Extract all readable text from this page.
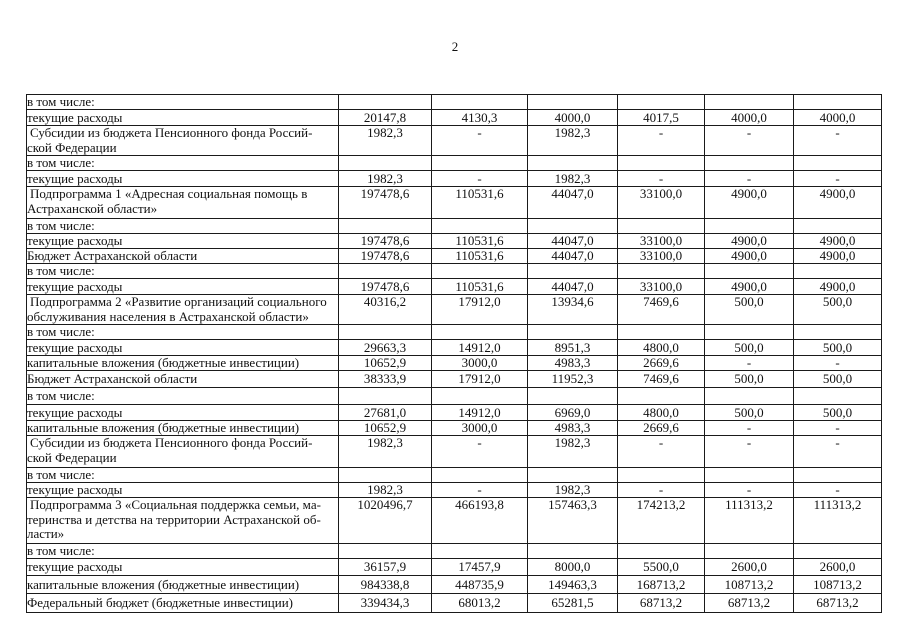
2
в том числе:						

текущие расходы	20147,8	4130,3	4000,0	4017,5	4000,0	4000,0

Субсидии из бюджета Пенсионного фонда Россий-
ской Федерации	1982,3	-	1982,3	-	-	-

в том числе:						

текущие расходы	1982,3	-	1982,3	-	-	-

Подпрограмма 1 «Адресная социальная помощь в
Астраханской области»	197478,6	110531,6	44047,0	33100,0	4900,0	4900,0

в том числе:						

текущие расходы	197478,6	110531,6	44047,0	33100,0	4900,0	4900,0

Бюджет Астраханской области	197478,6	110531,6	44047,0	33100,0	4900,0	4900,0

в том числе:						

текущие расходы	197478,6	110531,6	44047,0	33100,0	4900,0	4900,0

Подпрограмма 2 «Развитие организаций социального
обслуживания населения в Астраханской области»	40316,2	17912,0	13934,6	7469,6	500,0	500,0

в том числе:						

текущие расходы	29663,3	14912,0	8951,3	4800,0	500,0	500,0

капитальные вложения (бюджетные инвестиции)	10652,9	3000,0	4983,3	2669,6	-	-

Бюджет Астраханской области	38333,9	17912,0	11952,3	7469,6	500,0	500,0

в том числе:						

текущие расходы	27681,0	14912,0	6969,0	4800,0	500,0	500,0

капитальные вложения (бюджетные инвестиции)	10652,9	3000,0	4983,3	2669,6	-	-

Субсидии из бюджета Пенсионного фонда Россий-
ской Федерации	1982,3	-	1982,3	-	-	-

в том числе:						

текущие расходы	1982,3	-	1982,3	-	-	-

Подпрограмма 3 «Социальная поддержка семьи, ма-
теринства и детства на территории Астраханской об-
ласти»	1020496,7	466193,8	157463,3	174213,2	111313,2	111313,2

в том числе:						

текущие расходы	36157,9	17457,9	8000,0	5500,0	2600,0	2600,0

капитальные вложения (бюджетные инвестиции)	984338,8	448735,9	149463,3	168713,2	108713,2	108713,2

Федеральный бюджет (бюджетные инвестиции)	339434,3	68013,2	65281,5	68713,2	68713,2	68713,2
